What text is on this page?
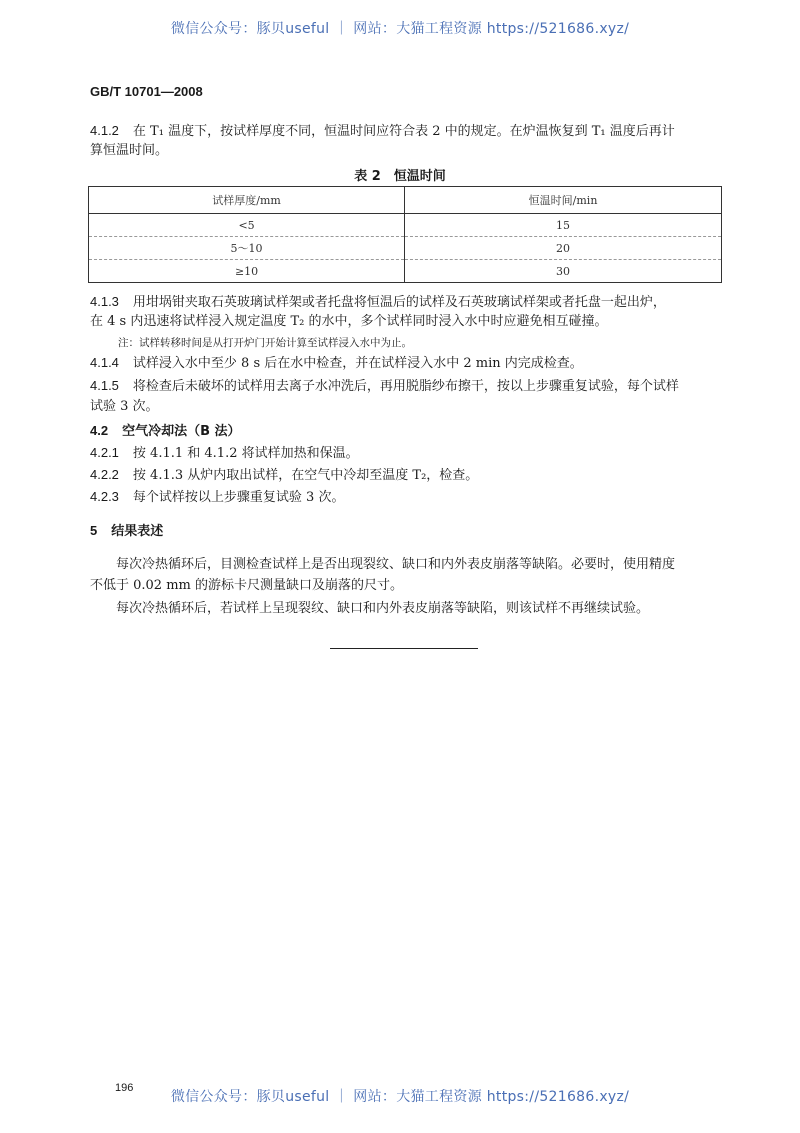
微信公众号：豚贝useful ｜ 网站：大猫工程资源 https://521686.xyz/
GB/T 10701—2008
4.1.2 在 T₁ 温度下，按试样厚度不同，恒温时间应符合表 2 中的规定。在炉温恢复到 T₁ 温度后再计
算恒温时间。
表 2　恒温时间
试样厚度/mm	恒温时间/min
<5	15
5～10	20
≥10	30
4.1.3 用坩埚钳夹取石英玻璃试样架或者托盘将恒温后的试样及石英玻璃试样架或者托盘一起出炉，
在 4 s 内迅速将试样浸入规定温度 T₂ 的水中，多个试样同时浸入水中时应避免相互碰撞。
注：试样转移时间是从打开炉门开始计算至试样浸入水中为止。
4.1.4 试样浸入水中至少 8 s 后在水中检查，并在试样浸入水中 2 min 内完成检查。
4.1.5 将检查后未破坏的试样用去离子水冲洗后，再用脱脂纱布擦干，按以上步骤重复试验，每个试样
试验 3 次。
4.2 空气冷却法（B 法）
4.2.1 按 4.1.1 和 4.1.2 将试样加热和保温。
4.2.2 按 4.1.3 从炉内取出试样，在空气中冷却至温度 T₂，检查。
4.2.3 每个试样按以上步骤重复试验 3 次。
5 结果表述
每次冷热循环后，目测检查试样上是否出现裂纹、缺口和内外表皮崩落等缺陷。必要时，使用精度
不低于 0.02 mm 的游标卡尺测量缺口及崩落的尺寸。
每次冷热循环后，若试样上呈现裂纹、缺口和内外表皮崩落等缺陷，则该试样不再继续试验。
196
微信公众号：豚贝useful ｜ 网站：大猫工程资源 https://521686.xyz/
